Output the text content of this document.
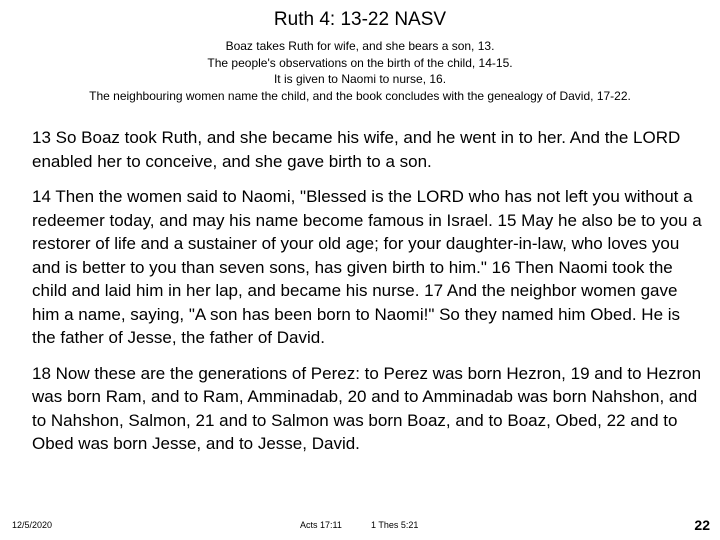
Ruth 4: 13-22 NASV
Boaz takes Ruth for wife, and she bears a son, 13.
The people's observations on the birth of the child, 14‑15.
It is given to Naomi to nurse, 16.
The neighbouring women name the child, and the book concludes with the genealogy of David, 17‑22.

13 So Boaz took Ruth, and she became his wife, and he went in to her. And the LORD enabled her to conceive, and she gave birth to a son.

14 Then the women said to Naomi, "Blessed is the LORD who has not left you without a redeemer today, and may his name become famous in Israel. 15 May he also be to you a restorer of life and a sustainer of your old age; for your daughter-in-law, who loves you and is better to you than seven sons, has given birth to him." 16 Then Naomi took the child and laid him in her lap, and became his nurse. 17 And the neighbor women gave him a name, saying, "A son has been born to Naomi!" So they named him Obed. He is the father of Jesse, the father of David.

18 Now these are the generations of Perez: to Perez was born Hezron, 19 and to Hezron was born Ram, and to Ram, Amminadab, 20 and to Amminadab was born Nahshon, and to Nahshon, Salmon, 21 and to Salmon was born Boaz, and to Boaz, Obed, 22 and to Obed was born Jesse, and to Jesse, David.

12/5/2020	Acts 17:11	1 Thes 5:21	22
